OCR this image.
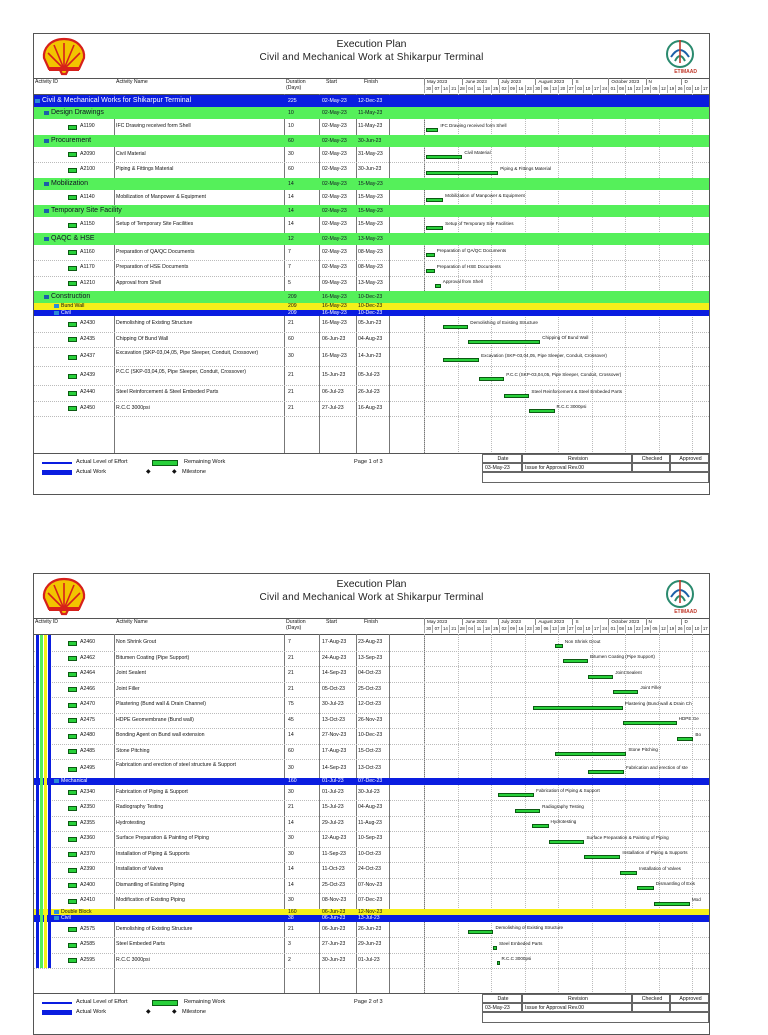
Execution Plan
Civil and Mechanical Work at Shikarpur Terminal
ETIMAAD
Activity ID	Activity Name	Duration (Days)
Start	Finish	May 2023	June 2023	July 2023	August 2023	S	October 2023	N	D
30 07 14 21 28 04 11 18 25 02 09 16 23 30 06 13 20 27 03 10 17 24 01 08 15 22 29 05 12 19 26 03 10 17
IFC Drawing received form Shell
Civil Material
Piping & Fittings Material
Mobilization of Manpower & Equipment
Setup of Temporary Site Facilities
Preparation of QA/QC Documents
Preparation of HSE Documents
Approval from Shell
Demolishing of Existing Structure
Chipping Of Bund Wall
Excavation (SKP-03,04,05, Pipe Sleeper, Conduit, Crossover)
P.C.C (SKP-03,04,05, Pipe Sleeper, Conduit, Crossover)
Steel Reinforcement & Steel Embeded Parts
R.C.C 3000psi
Civil & Mechanical Works for Shikarpur Terminal	225	02-May-23 12-Dec-23
Design Drawings	10	02-May-23 11-May-23
A1190	IFC Drawing received form Shell	10	02-May-23 11-May-23
Procurement	60	02-May-23 30-Jun-23
A2090	Civil Material	30	02-May-23 31-May-23
A2100	Piping & Fittings Material	60	02-May-23 30-Jun-23
Mobilization	14	02-May-23 15-May-23
A1140	Mobilization of Manpower & Equipment	14	02-May-23 15-May-23
Temporary Site Facility	14	02-May-23 15-May-23
A1150	Setup of Temporary Site Facilities	14	02-May-23 15-May-23
QAQC & HSE	12	02-May-23 13-May-23
A1160	Preparation of QA/QC Documents	7	02-May-23 08-May-23
A1170	Preparation of HSE Documents	7	02-May-23 08-May-23
A1210	Approval from Shell	5	09-May-23 13-May-23
Construction	209	16-May-23 10-Dec-23
Bund Wall	209	16-May-23 10-Dec-23
Civil	209	16-May-23 10-Dec-23
A2430	Demolishing of Existing Structure	21	16-May-23 05-Jun-23
A2435	Chipping Of Bund Wall	60	06-Jun-23 04-Aug-23
A2437	Excavation (SKP-03,04,05, Pipe Sleeper, Conduit, Crossover)	30	16-May-23 14-Jun-23
A2439	P.C.C (SKP-03,04,05, Pipe Sleeper, Conduit, Crossover)	21	15-Jun-23 05-Jul-23
A2440	Steel Reinforcement & Steel Embeded Parts	21	06-Jul-23	26-Jul-23
A2450	R.C.C 3000psi	21	27-Jul-23	16-Aug-23
Actual Level of Effort
Actual Work
Remaining Work
◆	◆ Milestone
Page 1 of 3	Date	Revision	Checked	Approved
03-May-23	Issue for Approval Rev.00
Execution Plan
Civil and Mechanical Work at Shikarpur Terminal
ETIMAAD
Activity ID	Activity Name	Duration (Days)
Start	Finish	May 2023	June 2023	July 2023	August 2023	S	October 2023	N	D
30 07 14 21 28 04 11 18 25 02 09 16 23 30 06 13 20 27 03 10 17 24 01 08 15 22 29 05 12 19 26 03 10 17
Non Shrink Grout
Bitumen Coating (Pipe Support)
Joint Sealent
Joint Filler
Plastering (Bund wall & Drain Ch
HDPE Ge
Bo
Stone Pitching
Fabrication and erection of ste
Fabrication of Piping & Support
Radiography Testing
Hydrotesting
Surface Preparation & Painting of Piping
Installation of Piping & Supports
Installation of Valves
Dismantling of Exis
Mod
Demolishing of Existing Structure
Steel Embeded Parts
R.C.C 3000psi
A2460	Non Shrink Grout	7	17-Aug-23 23-Aug-23
A2462	Bitumen Coating (Pipe Support)	21	24-Aug-23 13-Sep-23
A2464	Joint Sealent	21	14-Sep-23 04-Oct-23
A2466	Joint Filler	21	05-Oct-23 25-Oct-23
A2470	Plastering (Bund wall & Drain Channel)	75	30-Jul-23	12-Oct-23
A2475	HDPE Geomembrane (Bund wall)	45	13-Oct-23 26-Nov-23
A2480	Bonding Agent on Bund wall extension	14	27-Nov-23 10-Dec-23
A2485	Stone Pitching	60	17-Aug-23 15-Oct-23
A2495	Fabrication and erection of steel structure & Support	30	14-Sep-23 13-Oct-23
Mechanical	160	01-Jul-23	07-Dec-23
A2340	Fabrication of Piping & Support	30	01-Jul-23	30-Jul-23
A2350	Radiography Testing	21	15-Jul-23	04-Aug-23
A2355	Hydrotesting	14	29-Jul-23	11-Aug-23
A2360	Surface Preparation & Painting of Piping	30	12-Aug-23 10-Sep-23
A2370	Installation of Piping & Supports	30	11-Sep-23 10-Oct-23
A2390	Installation of Valves	14	11-Oct-23	24-Oct-23
A2400	Dismantling of Existing Piping	14	25-Oct-23 07-Nov-23
A2410	Modification of Existing Piping	30	08-Nov-23 07-Dec-23
Double Block	160	06-Jun-23 12-Nov-23
Civil	38	06-Jun-23 13-Jul-23
A2575	Demolishing of Existing Structure	21	06-Jun-23 26-Jun-23
A2585	Steel Embeded Parts	3	27-Jun-23 29-Jun-23
A2595	R.C.C 3000psi	2	30-Jun-23 01-Jul-23
Actual Level of Effort
Actual Work
Remaining Work
◆	◆ Milestone
Page 2 of 3	Date	Revision	Checked	Approved
03-May-23	Issue for Approval Rev.00
